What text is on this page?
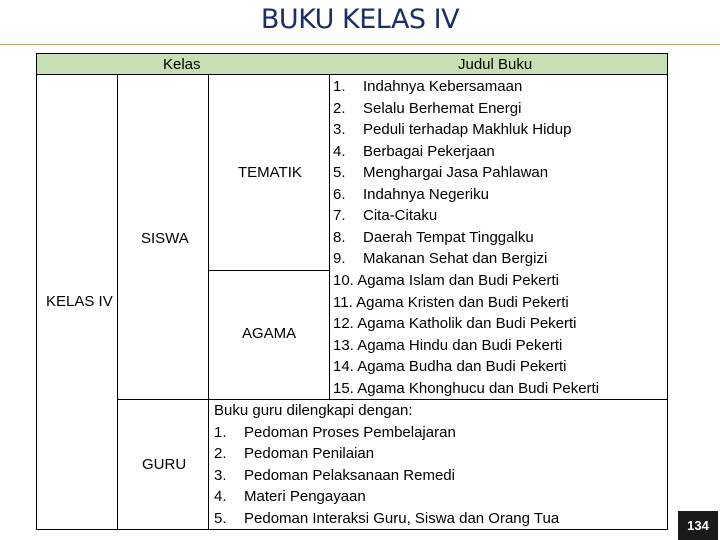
BUKU KELAS IV
Kelas	Judul Buku
KELAS IV
SISWA
TEMATIK
AGAMA
GURU
1. Indahnya Kebersamaan
2. Selalu Berhemat Energi
3. Peduli terhadap Makhluk Hidup
4. Berbagai Pekerjaan
5. Menghargai Jasa Pahlawan
6. Indahnya Negeriku
7. Cita-Citaku
8. Daerah Tempat Tinggalku
9. Makanan Sehat dan Bergizi
10. Agama Islam dan Budi Pekerti
11. Agama Kristen dan Budi Pekerti
12. Agama Katholik dan Budi Pekerti
13. Agama Hindu dan Budi Pekerti
14. Agama Budha dan Budi Pekerti
15. Agama Khonghucu dan Budi Pekerti
Buku guru dilengkapi dengan:
1. Pedoman Proses Pembelajaran
2. Pedoman Penilaian
3. Pedoman Pelaksanaan Remedi
4. Materi Pengayaan
5. Pedoman Interaksi Guru, Siswa dan Orang Tua	134
